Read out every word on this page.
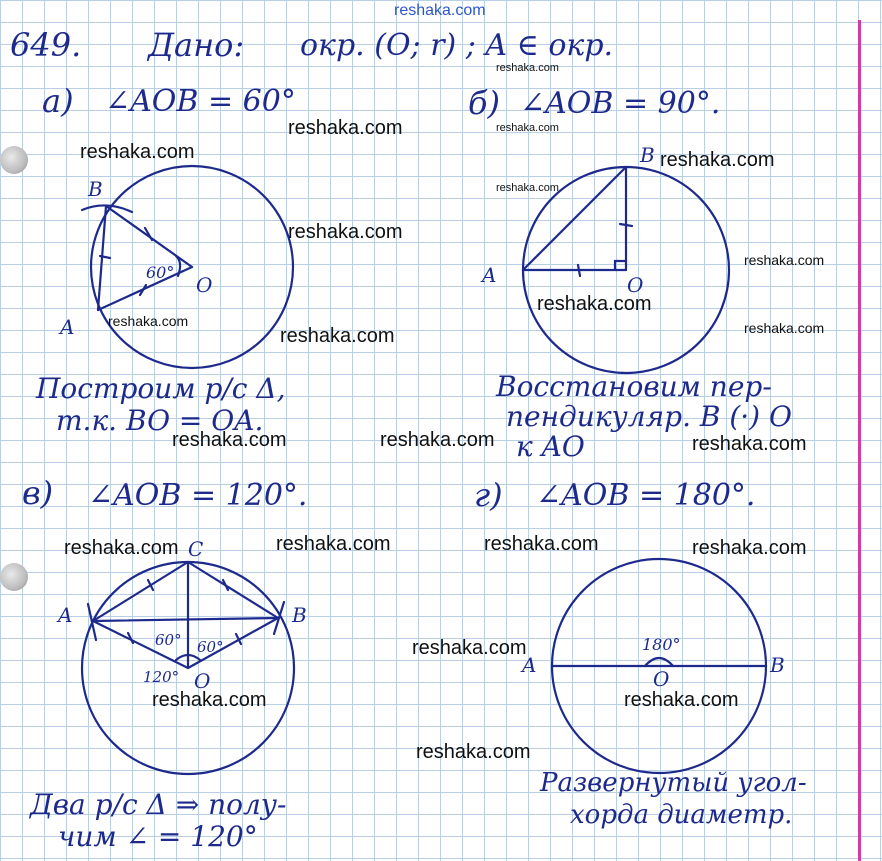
reshaka.com
649. Дано: окр. (O; r) ; A ∈ окр.
а) ∠AOB = 60°	б) ∠AOB = 90°.
в) ∠AOB = 120°.	г) ∠AOB = 180°.
B
A
O
60°
B
A	O
C
A	B
O
60° 60°
120°	A	B
O
180°
Построим р/с Δ,
т.к. BO = OA.
Восстановим пер-
пендикуляр. В (·) O
к AO
Два р/с Δ ⇒ полу-
чим ∠ = 120°
Развернутый угол-
хорда диаметр.
reshaka.com
reshaka.com
reshaka.com
reshaka.com
reshaka.com	reshaka.com
reshaka.com
reshaka.com
reshaka.com
reshaka.com	reshaka.com
reshaka.com
reshaka.com	reshaka.com	reshaka.com
reshaka.com	reshaka.com	reshaka.com	reshaka.com
reshaka.com
reshaka.com	reshaka.com
reshaka.com
